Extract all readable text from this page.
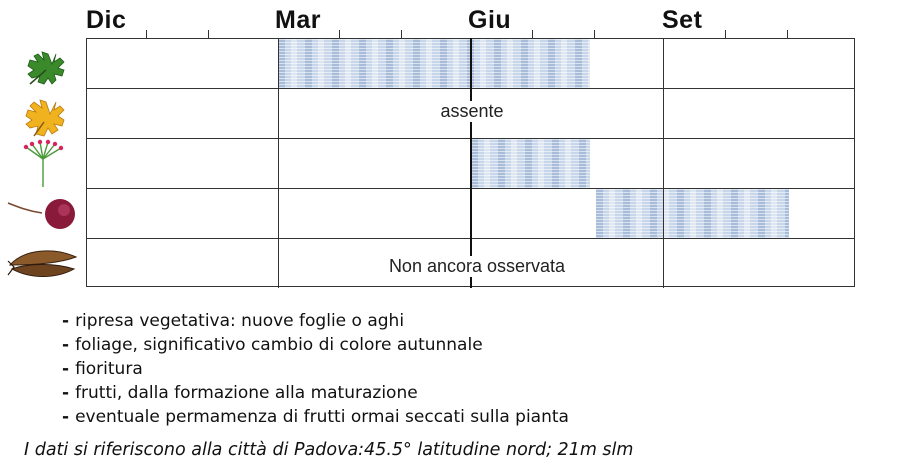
Dic	Mar	Giu	Set
assente
Non ancora osservata
- ripresa vegetativa: nuove foglie o aghi
- foliage, significativo cambio di colore autunnale
- fioritura
- frutti, dalla formazione alla maturazione
- eventuale permamenza di frutti ormai seccati sulla pianta
I dati si riferiscono alla città di Padova:45.5° latitudine nord; 21m slm
